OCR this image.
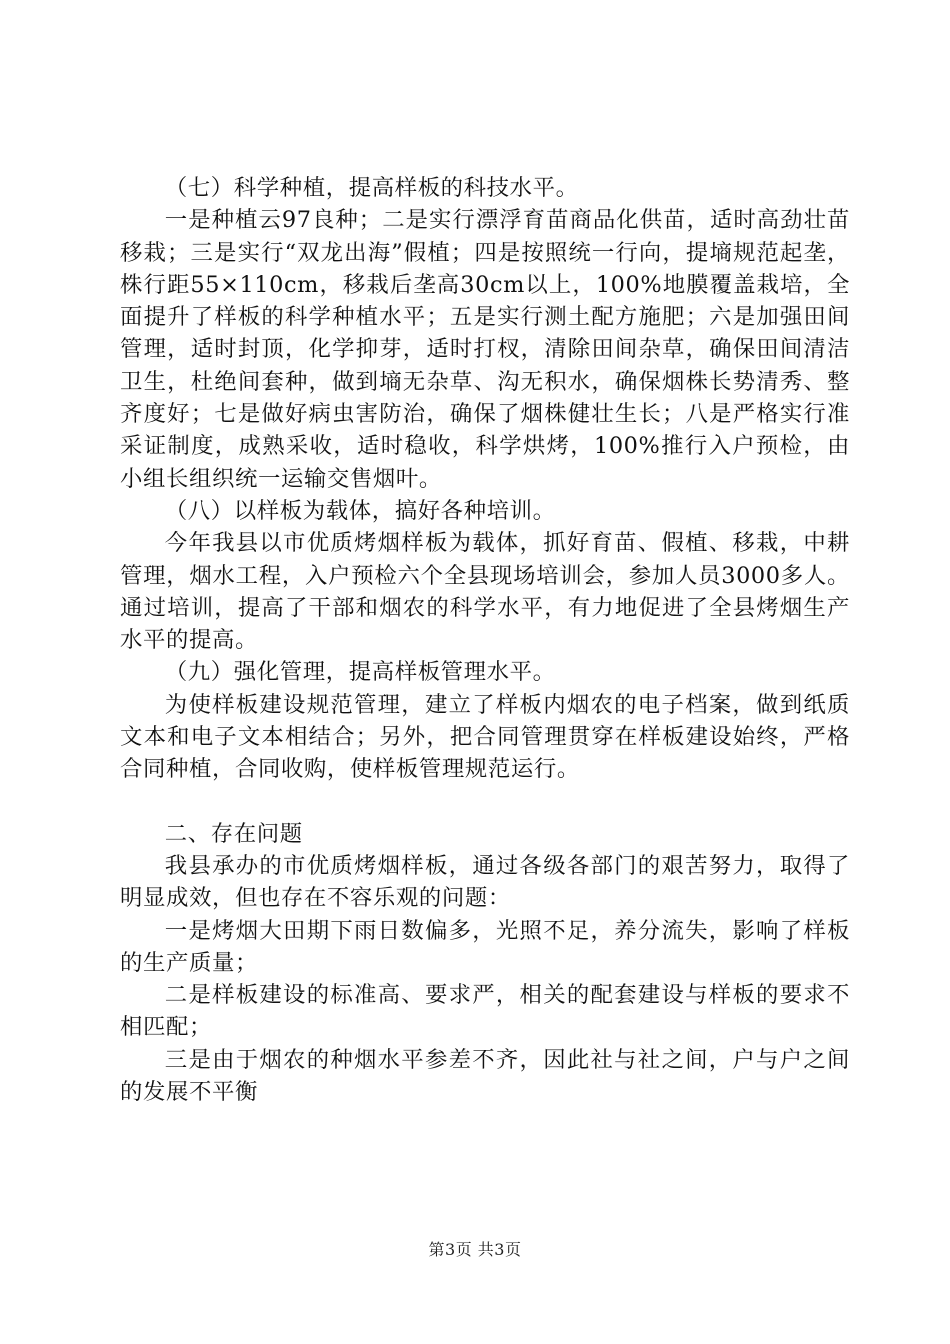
（七）科学种植，提高样板的科技水平。

一是种植云97良种；二是实行漂浮育苗商品化供苗，适时高劲壮苗移栽；三是实行“双龙出海”假植；四是按照统一行向，提墒规范起垄，株行距55×110cm，移栽后垄高30cm以上，100%地膜覆盖栽培，全面提升了样板的科学种植水平；五是实行测土配方施肥；六是加强田间管理，适时封顶，化学抑芽，适时打杈，清除田间杂草，确保田间清洁卫生，杜绝间套种，做到墒无杂草、沟无积水，确保烟株长势清秀、整齐度好；七是做好病虫害防治，确保了烟株健壮生长；八是严格实行准采证制度，成熟采收，适时稳收，科学烘烤，100%推行入户预检，由小组长组织统一运输交售烟叶。

（八）以样板为载体，搞好各种培训。

今年我县以市优质烤烟样板为载体，抓好育苗、假植、移栽，中耕管理，烟水工程，入户预检六个全县现场培训会，参加人员3000多人。通过培训，提高了干部和烟农的科学水平，有力地促进了全县烤烟生产水平的提高。

（九）强化管理，提高样板管理水平。

为使样板建设规范管理，建立了样板内烟农的电子档案，做到纸质文本和电子文本相结合；另外，把合同管理贯穿在样板建设始终，严格合同种植，合同收购，使样板管理规范运行。

二、存在问题

我县承办的市优质烤烟样板，通过各级各部门的艰苦努力，取得了明显成效，但也存在不容乐观的问题：

一是烤烟大田期下雨日数偏多，光照不足，养分流失，影响了样板的生产质量；

二是样板建设的标准高、要求严，相关的配套建设与样板的要求不相匹配；

三是由于烟农的种烟水平参差不齐，因此社与社之间，户与户之间的发展不平衡

第3页 共3页
